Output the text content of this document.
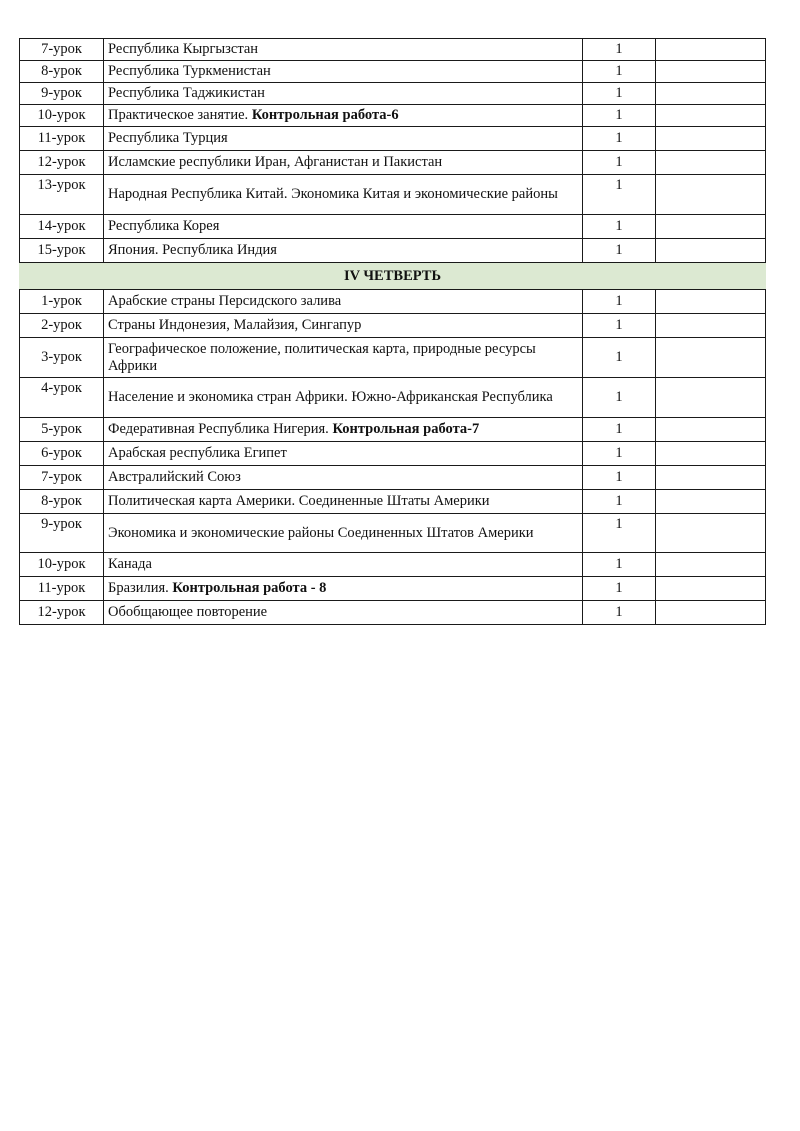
7-урок	Республика Кыргызстан	1	
8-урок	Республика Туркменистан	1	
9-урок	Республика Таджикистан	1	
10-урок	Практическое занятие. Контрольная работа-6	1	
11-урок	Республика Турция	1	
12-урок	Исламские республики Иран, Афганистан и Пакистан	1	
13-урок	Народная Республика Китай. Экономика Китая и экономические районы	1	
14-урок	Республика Корея	1	
15-урок	Япония. Республика Индия	1	
IV ЧЕТВЕРТЬ			
1-урок	Арабские страны Персидского залива	1	
2-урок	Страны Индонезия, Малайзия, Сингапур	1	
3-урок	Географическое положение, политическая карта, природные ресурсы Африки	1	
4-урок	Население и экономика стран Африки. Южно-Африканская Республика	1	
5-урок	Федеративная Республика Нигерия. Контрольная работа-7	1	
6-урок	Арабская республика Египет	1	
7-урок	Австралийский Союз	1	
8-урок	Политическая карта Америки. Соединенные Штаты Америки	1	
9-урок	Экономика и экономические районы Соединенных Штатов Америки	1	
10-урок	Канада	1	
11-урок	Бразилия. Контрольная работа - 8	1	
12-урок	Обобщающее повторение	1	
